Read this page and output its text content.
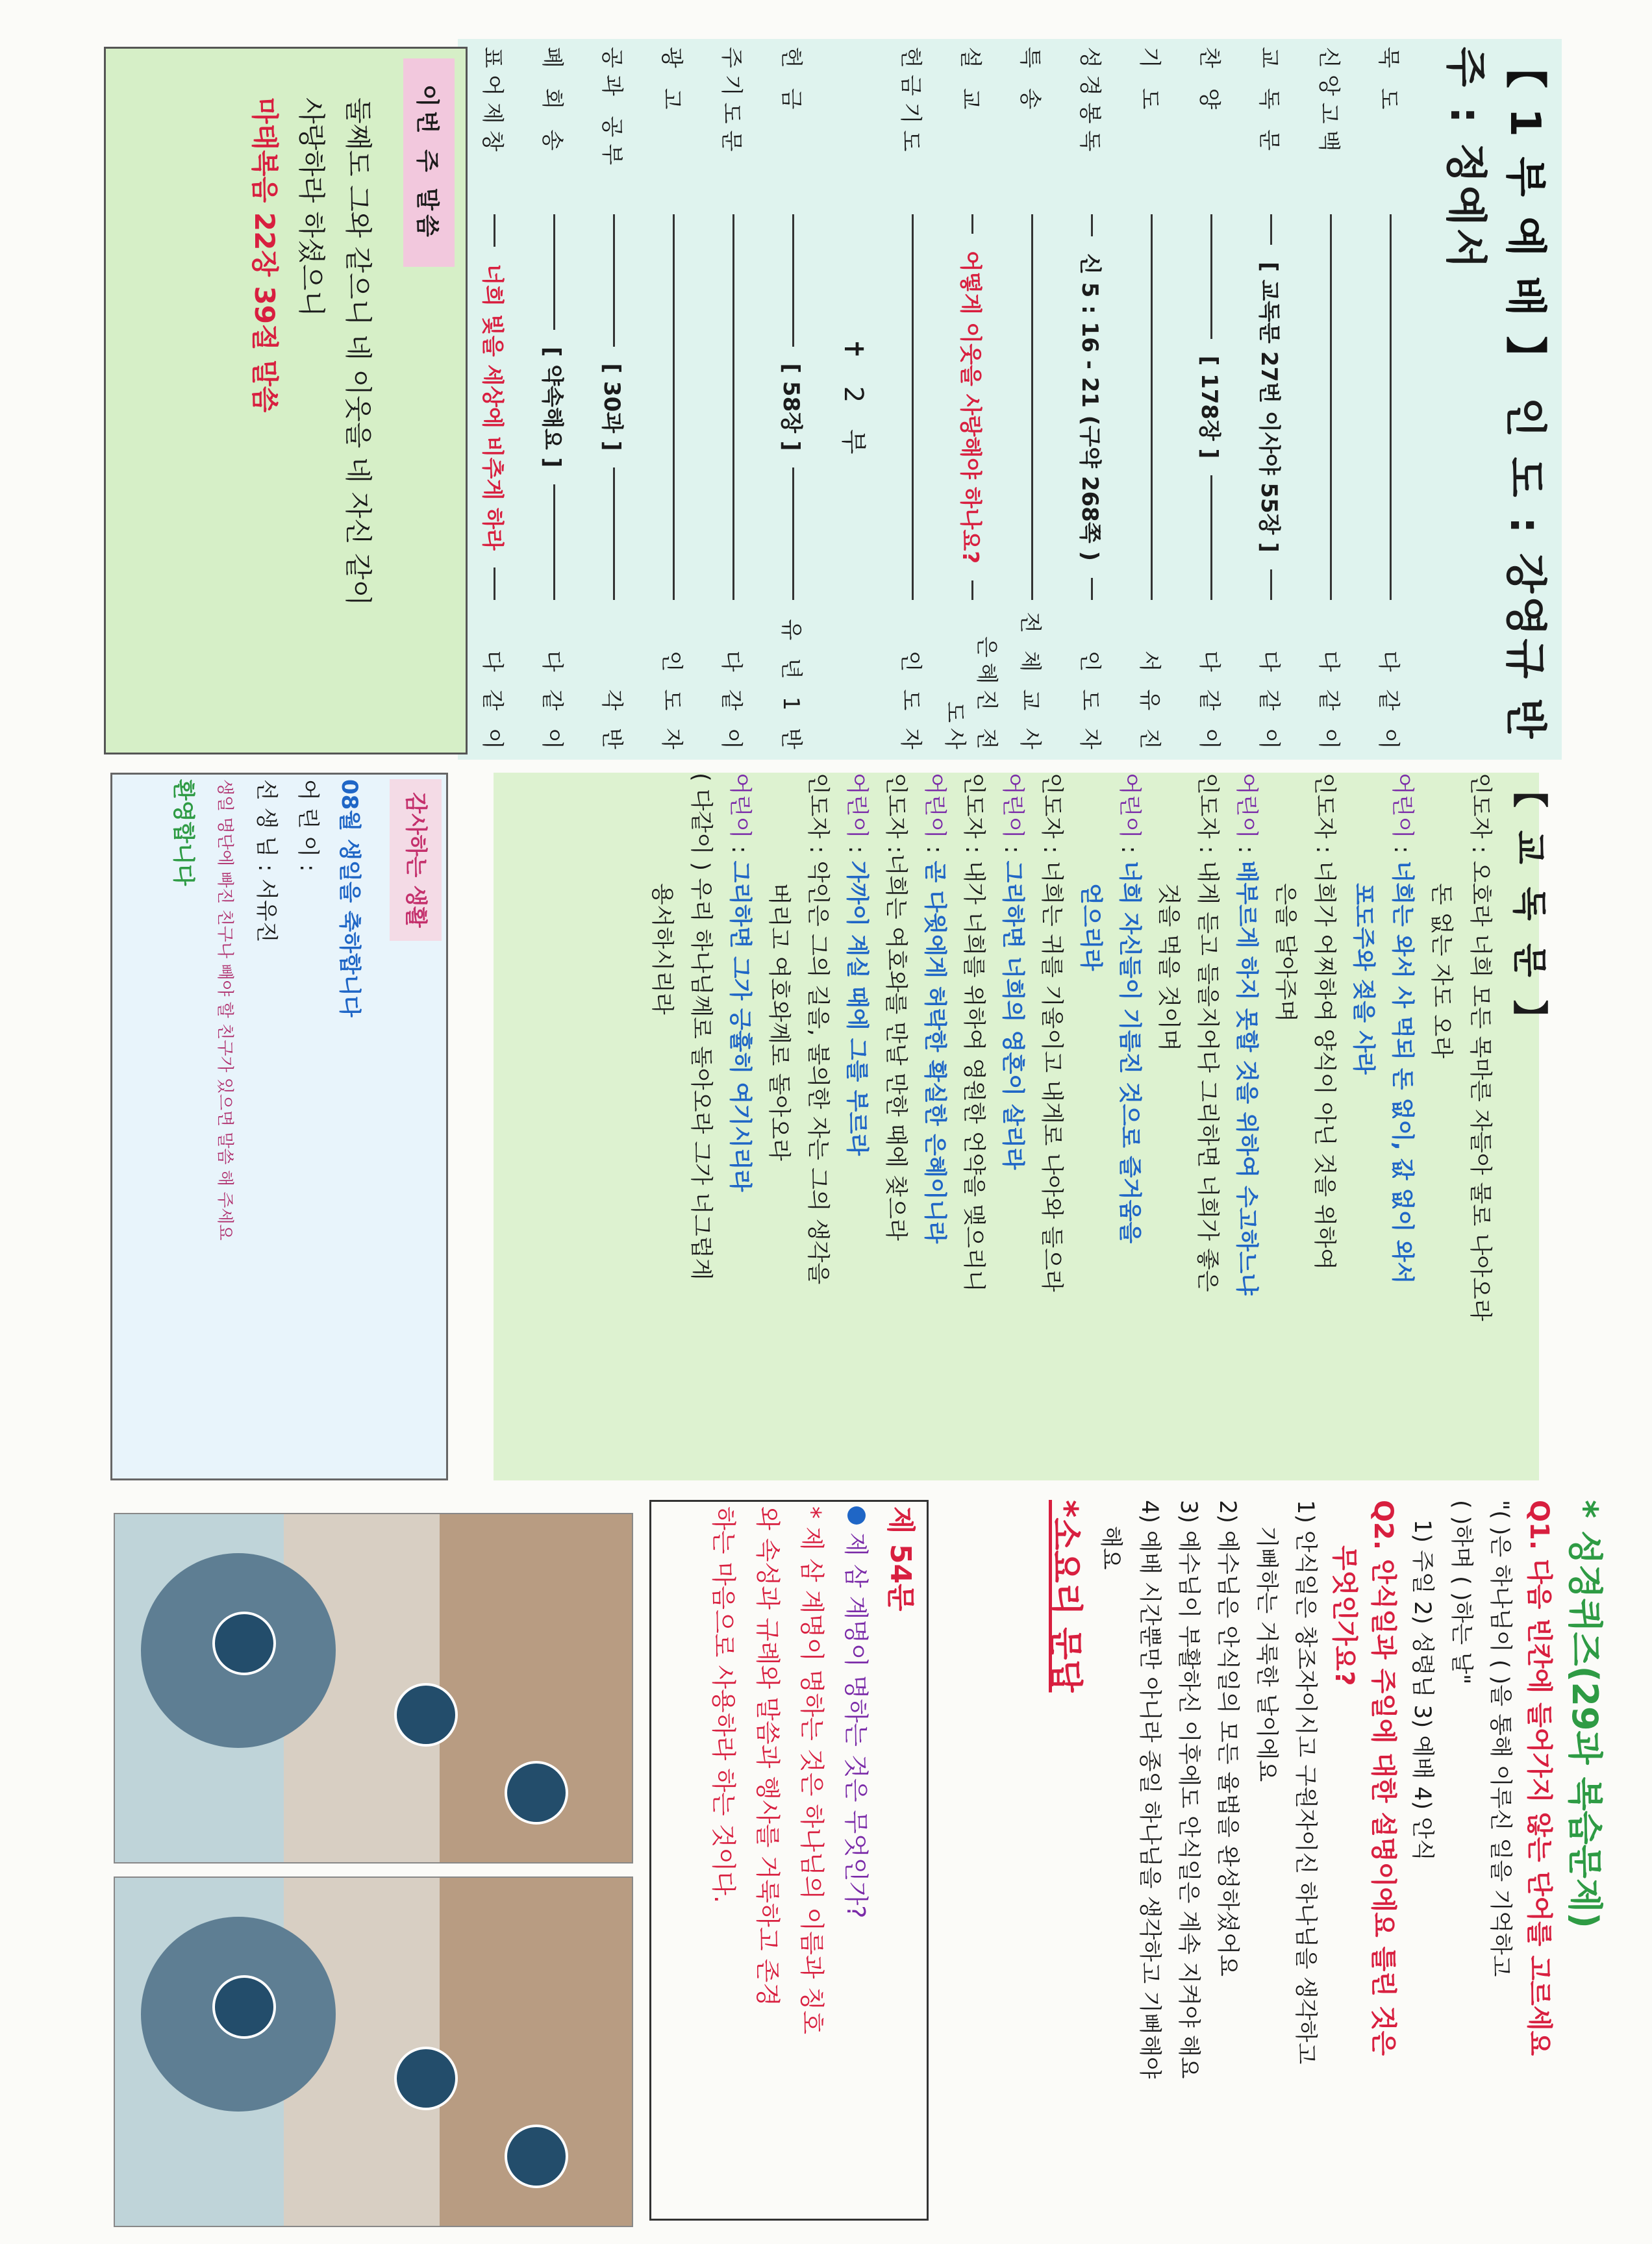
【 1 부 예 배 】 인 도 : 강영규 반주 : 정예서
묵 도
다 같 이
신앙고백
다 같 이
교 독 문
[ 교독문 27번 이사야 55장 ]
다 같 이
찬 양
[ 178장 ]
다 같 이
기 도
서 유 진
성경봉독
신 5 : 16 - 21 (구약 268쪽 )
인 도 자
특 송
전 체 교 사
설 교
어떻게 이웃을 사랑해야 하나요?
은혜진 전도사
헌금기도
인 도 자
✝ 2 부
헌 금
[ 58장 ]
유 년 1 반
주기도문
다 같 이
광 고
인 도 자
공과 공부
[ 30과 ]
각 반
폐 회 송
[ 약속해요 ]
다 같 이
표어제창
너희 빛을 세상에 비추게 하라
다 같 이
이번 주 말씀
둘째도 그와 같으니 네 이웃을 네 자신 같이
사랑하라 하셨으니
마태복음 22장 39절 말씀
【 교 독 문 】
인도자 : 오호라 너희 모든 목마른 자들아 물로 나아오라
돈 없는 자도 오라
어린이 : 너희는 와서 사 먹되 돈 없이, 값 없이 와서
포도주와 젖을 사라
인도자 : 너희가 어찌하여 양식이 아닌 것을 위하여
은을 달아주며
어린이 : 배부르게 하지 못할 것을 위하여 수고하느냐
인도자 : 내게 듣고 들을지어다 그리하면 너희가 좋은
것을 먹을 것이며
어린이 : 너희 자신들이 기름진 것으로 즐거움을
얻으리라
인도자 : 너희는 귀를 기울이고 내게로 나아와 들으라
어린이 : 그리하면 너희의 영혼이 살리라
인도자 : 내가 너희를 위하여 영원한 언약을 맺으리니
어린이 : 곧 다윗에게 허락한 확실한 은혜이니라
인도자 :너희는 여호와를 만날 만한 때에 찾으라
어린이 : 가까이 계실 때에 그를 부르라
인도자 : 악인은 그의 길을, 불의한 자는 그의 생각을
버리고 여호와께로 돌아오라
어린이 : 그리하면 그가 긍휼히 여기시리라
( 다같이 ) 우리 하나님께로 돌아오라 그가 너그럽게
용서하시리라
감사하는 생활
08월 생일을 축하합니다
어 린 이 :
선 생 님 : 서유진
생일 명단에 빠진 친구나 빼야 할 친구가 있으면 말씀 해 주세요
환영합니다
* 성경퀴즈(29과 복습문제)
Q1. 다음 빈칸에 들어가지 않는 단어를 고르세요
"( )은 하나님이 ( )을 통해 이루신 일을 기억하고
( )하며 ( )하는 날"
1) 주일 2) 성령님 3) 예배 4) 안식
Q2. 안식일과 주일에 대한 설명이에요 틀린 것은
무엇인가요?
1) 안식일은 창조자이시고 구원자이신 하나님을 생각하고
기뻐하는 거룩한 날이에요
2) 예수님은 안식일의 모든 율법을 완성하셨어요
3) 예수님이 부활하신 이후에도 안식일은 계속 지켜야 해요
4) 예배 시간뿐만 아니라 종일 하나님을 생각하고 기뻐해야
해요
*소요리 문답
제 54문
제 삼 계명이 명하는 것은 무엇인가?
* 제 삼 계명이 명하는 것은 하나님의 이름과 칭호
와 속성과 규례와 말씀과 행사를 거룩하고 존경
하는 마음으로 사용하라 하는 것이다.
